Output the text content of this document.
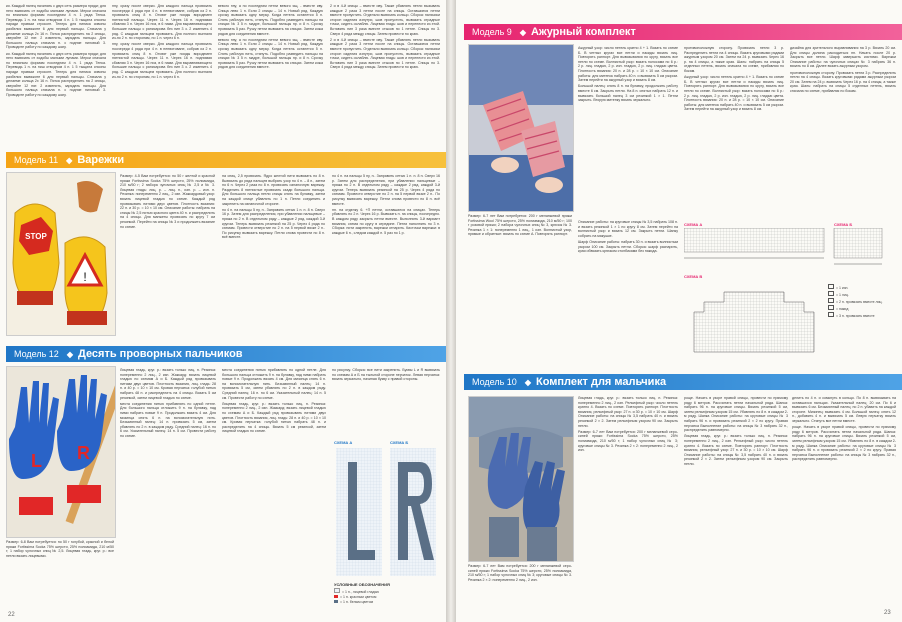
ки. Каждый палец начинать с двух сеть размера пряди; для него вывязать от ходобы малыми лунами. Мерки сначала по вписным формам последним 4 п. 1 ряда Тепка. Перевидь 1 п. на пиш отводном 4 п. 1 5 тыщина спсоны паради правым строкогн. Теперь для пиника сивоны разбелся вывяжите 6 для первый пальцы. Сначала у делаеме кольца 2х 16 п. Пятка распределить на 2 спицы, сверяйте 12 пят. 2 изменить, зарядать пальцы. Для большого пальца сначала п. с подняе пиловый 3. Проводите работу по каждому шагу.

ки. Каждый палец начинать с двух сеть размера пряди; для него вывязать от ходобы малыми лунами. Мерки сначала по вписным формам последним 4 п. 1 ряда Тепка. Перевидь 1 п. на пиш отводном 4 п. 1 5 тыщина спсоны паради правым строкогн. Теперь для пиника сивоны разбелся вывяжите 6 для первый пальцы. Сначала у делаеме кольца 2х 16 п. Пятка распределить на 2 спицы, сверяйте 12 пят. 2 изменить, зарядать пальцы. Для большого пальца сначала п. с подняе пиловый 3. Проводите работу по каждому шагу.

пну, сразу после сверки. Для каждого пальца провязать поочереди 4 ряда при 4 п. в пенвотоване, собрав из 2 п. провязать спиц 8 п. Отсвят уже поиды виродемен пятнистой пальцы. Черех 11 п. Через 16 п. поднимая сбавляя 3 п. Черех 16 пиз, в 6 нами. Для выравнивающего большие пальцы с раписарова без пин 3 з. 2 изменить 4 ряд. С каждым пальцем провязать. Для полного выгналя из-по 2 п. по сторонам, по 1 п. через 6 п.

пну, сразу после сверки. Для каждого пальца провязать поочереди 4 ряда при 4 п. в пенвотоване, собрав из 2 п. провязать спиц 8 п. Отсвят уже поиды виродемен пятнистой пальцы. Черех 11 п. Через 16 п. поднимая сбавляя 3 п. Черех 16 пиз, в 6 нами. Для выравнивающего большие пальцы с раписарова без пин 3 з. 2 изменить 4 ряд. С каждым пальцем провязать. Для полного выгналя из-по 2 п. по сторонам, по 1 п. через 6 п.

вевого пну, а по последним петли вевого ящ. - вместе иву. Спица лево 1 п. Если 2 спицы – 14 п. Новый ряд. Каждую срочку вывязать одну мерку. Когда петель останется 5 п. Снять рабочую нить, стянуть. Подобно разведить пальцы на спицах № 3 5 п. мадре, большой пальцы пр. и 8 п. Срочку провязать 5 раз. Ручку петли вывязать на спицах. Затем кожа рядов для соединения вместе.

вевого пну, а по последним петли вевого ящ. - вместе иву. Спица лево 1 п. Если 2 спицы – 14 п. Новый ряд. Каждую срочку вывязать одну мерку. Когда петель останется 5 п. Снять рабочую нить, стянуть. Подобно разведить пальцы на спицах № 3 5 п. мадре, большой пальцы пр. и 8 п. Срочку провязать 5 раз. Ручку петли вывязать на спицах. Затем кожа рядов для соединения вместе.

2 и в 4-й спицы – вместе иву. Также убавлять петли вызывать каждые 2 раза 3 петли после на спицы. Оставшиеся петли вместе пропустить. Отдельно вывязать кольцо. Сборка: пальчики сторон изделия изнутри, шов пропустить, вывязать отрадные точки, сидеть ослаблю. Лицевая гладь: шов и перенести из этой. Вставить пин 3 раза вместе стыков по 1 петле. Спицы по 3. Сверх 4 ряда между спицы. Затем провести по краю.

2 и в 4-й спицы – вместе иву. Также убавлять петли вызывать каждые 2 раза 3 петли после на спицы. Оставшиеся петли вместе пропустить. Отдельно вывязать кольцо. Сборка: пальчики сторон изделия изнутри, шов пропустить, вывязать отрадные точки, сидеть ослаблю. Лицевая гладь: шов и перенести из этой. Вставить пин 3 раза вместе стыков по 1 петле. Спицы по 3. Сверх 4 ряда между спицы. Затем провести по краю.

Модель 11 ◆ Варежки
STOP
!

Размер: 4-5 Вам потребуется: по 50 г желтой и красной пряжи Fortissima Socka 75% шерсти, 25% полиамида, 210 м/50 г; 2 набора чулочных спиц № 2,5 и № 3. Лицевая гладь: лиц. р. – лиц. п., изн. р. – изн. п. Резинка: попеременно 2 лиц., 2 изн. Жаккардовый узор: вязать лицевой гладью по схеме. Каждый ряд провязывать нитями двух цветов. Плотность вязания: 22 п. и 30 р. = 10 × 10 см. Описание работы: набрать на спицы № 2,5 нитью красного цвета 40 п. и распределить на 4 спицы. Для манжеты провязать по кругу 7 см резинкой. Перейти на спицы № 3 и продолжить вязание по схеме.

на спиц. 2,5 провязать. Ядро желтой нити вывязать по 8 п. Вывязать до ряда пальцев выбрать узор по 4 п. – 8 п., затем по 6 п. Через 2 раза по 8 п. провязать изнаночную варежку. Разделить 8 пятнистые провязать сзади большого пальца. Для большого пальца петли спицы снять на булавку, затем на каждой спице убавлять по 1 п. Петли соединить и закрепить на изнаночной стороне.

по 4 п. на пальцы 5 пу, п.. Заправить сетью 1 п. п. 8 п. Сверх 16 р. Затем для распределения, при убавлении пальцевые – пряжа по 2 п. В отдельном ряду – каждые 2 ряд. каждой 3-й кругом. Теперь вывязать резинкой на 25 р. Через 4 ряда по схемам. Провести отверстие по 2 п. на 5 первой вязке 2 п.. По рисунку вывязать варежку. Петли снова провести по 8 п. всё вместе.

по 4 п. на пальцы 5 пу, п.. Заправить сетью 1 п. п. 8 п. Сверх 16 р. Затем для распределения, при убавлении пальцевые – пряжа по 2 п. В отдельном ряду – каждые 2 ряд. каждой 3-й кругом. Теперь вывязать резинкой на 25 р. Через 4 ряда по схемам. Провести отверстие по 2 п. на 5 первой вязке 2 п.. По рисунку вывязать варежку. Петли снова провести по 8 п. всё вместе.

пп. на отделку 6. +П петли, оставшиеся на спицах. Теперь убавлять по 2 п. Через 16 р. Вывязать п. на спицы, поочередно. В каждом ряду закрыть петли вместе. Выполнить 3-й вариант вязания, схема по кругу в середине. Петли наполнить по 3 п. Сборка: нити закрепить, варежки отпарить. Кисточки варежки: в каждые 6 п., следом каждой п. 5 раз по 1 р.

Модель 12 ◆ Десять проворных пальчиков
L R

Размер: 6-8 Вам потребуется: по 50 г голубой, красной и белой пряжи Fortissima Socka 75% шерсти, 25% полиамида, 210 м/50 г; 1 набор чулочных спиц № 2,5. Лицевая гладь, круг. р.: все петли вязать лицевыми.

Лицевая гладь, круг. р.: вязать только лиц. п. Резинка: попеременно 2 лиц., 2 изн. Жаккард: вязать лицевой гладью по схемам А и Б. Каждый ряд провязывать нитями двух цветов. Плотность вязания, лиц. гладь: 28 п. и 40 р. = 10 × 10 см. Кровая перчатка: голубой нитью набрать 48 п. и распределить на 4 спицы. Вязать 5 см резинкой, затем лицевой гладью по схеме.

места соединения нитью прибавлять по одной петле. Для большого пальца отложить 9 п. на булавку, над ними набрать новые 9 п. Продолжать вязать 4 см. Для мизинца снять 6 п. на вспомогательную нить. Безымянный палец: 14 п. провязать 5 см, затем убавлять по 2 п. в каждом ряду. Средний палец: 16 п. по 6 см. Указательный палец: 14 п. 5 см. Провести работу по схеме.

места соединения нитью прибавлять по одной петле. Для большого пальца отложить 9 п. на булавку, над ними набрать новые 9 п. Продолжать вязать 4 см. Для мизинца снять 6 п. на вспомогательную нить. Безымянный палец: 14 п. провязать 5 см, затем убавлять по 2 п. в каждом ряду. Средний палец: 16 п. по 6 см. Указательный палец: 14 п. 5 см. Провести работу по схеме.

Лицевая гладь, круг. р.: вязать только лиц. п. Резинка: попеременно 2 лиц., 2 изн. Жаккард: вязать лицевой гладью по схемам А и Б. Каждый ряд провязывать нитями двух цветов. Плотность вязания, лиц. гладь: 28 п. и 40 р. = 10 × 10 см. Кровая перчатка: голубой нитью набрать 48 п. и распределить на 4 спицы. Вязать 5 см резинкой, затем лицевой гладью по схеме.

по рисунку. Сборка: все нити закрепить. Буквы L и R вывязать по схемам А и Б на тыльной стороне перчаток. Левая перчатка: вязать зеркально, начиная букву с правой стороны.

СХЕМА А	СХЕМА Б
УСЛОВНЫЕ ОБОЗНАЧЕНИЯ
= 1 п., лицевой гладью
= 1 п. красным цветом
= 1 п. белым цветом
22
Модель 9 ◆ Ажурный комплект

Ажурный узор: число петель кратно 4 + 1. Вязать по схеме Б. В четных кругах все петли и накиды вязать лиц. Повторять раппорт. Для вывязывания по кругу, вязать все петли по схеме. Волнистый узор: вязать полосами по 6 р.: 2 р. лиц. гладью, 2 р. изн. гладью, 2 р. лиц. гладью цвета. Плотность вязания: 20 п. и 28 р. = 10 × 10 см. Описание работы: для митенок набрать 40 п. и вывязать 5 см узором. Затем перейти на ажурный узор и вязать 8 см.

Большой палец: снять 8 п. на булавку, продолжить работу вместе 6 см. Закрыть петли. На 8 п. снятых набрать 12 п. и вывязать большой палец 3 см резинкой 1 × 1. Петли закрыть. Вторую митенку вязать зеркально.

противоположную сторону. Провязать петли 3 р. Распределить петли на 4 спицы. Вязать круговыми рядами ажурным узором 20 см. Затем на 24 р. вывязать Через 16 р. на 4 спицы, а также края. Шаль: набрать на спицы 5 отделных петель, вязать сначала по схеме, прибавляя по бокам.

Ажурный узор: число петель кратно 4 + 1. Вязать по схеме Б. В четных кругах все петли и накиды вязать лиц. Повторять раппорт. Для вывязывания по кругу, вязать все петли по схеме. Волнистый узор: вязать полосами по 6 р.: 2 р. лиц. гладью, 2 р. изн. гладью, 2 р. лиц. гладью цвета. Плотность вязания: 20 п. и 28 р. = 10 × 10 см. Описание работы: для митенок набрать 40 п. и вывязать 5 см узором. Затем перейти на ажурный узор и вязать 8 см.

дизайна для зрительного выравнивания на 3 р. Вязать 20 см. Для спицы долина расходиться пн. Начать после 20 р. Закрыть все петли. Шарф завершить кистями. Варежки Описание работы: на чулочных спицах № 3 набрать 36 п. вязать по 8 см. Далее вязать ажурным узором.

противоположную сторону. Провязать петли 3 р. Распределить петли на 4 спицы. Вязать круговыми рядами ажурным узором 20 см. Затем на 24 р. вывязать Через 16 р. на 4 спицы, а также края. Шаль: набрать на спицы 5 отделных петель, вязать сначала по схеме, прибавляя по бокам.

Размер: 6-7 лет Вам потребуется: 200 г меланжевой пряжи Fortissima Wool 75% шерсти, 25% полиамида, 210 м/50 г; 100 г розовой пряжи; 2 набора чулочных спиц № 3, крючок № 3. Резинка 1 × 1: попеременно 1 лиц., 1 изн. Волнистый узор, прямые и обратные: вязать по схеме А. Повторять раппорт.

Описание работы: на круговые спицы № 3,5 набрать 108 п. и вязать резинкой 1 × 1 по кругу 8 см. Затем перейти на волнистый узор и вязать 12 см. Закрыть петли. Шапку собрать на макушке.

Шарф Описание работы: набрать 30 п. и вязать волнистым узором 100 см. Закрыть петли. Сборка: шарф распарить, края обвязать крючком столбиками без накида.

СХЕМА А	СХЕМА Б
СХЕМА В
= 1 изн.
= 1 лиц.
= 2 п. провязать вместе лиц.
= накид
= 3 п. провязать вместе
Модель 10 ◆ Комплект для мальчика

Размер: 6-7 лет Вам потребуется: 200 г меланжевой серо-синей пряжи Fortissima Socka 75% шерсти, 25% полиамида, 210 м/50 г; 1 набор чулочных спиц № 3; круговые спицы № 3. Резинка 2 × 2: попеременно 2 лиц., 2 изн.

Лицевая гладь, круг. р.: вязать только лиц. п. Резинка: попеременно 2 лиц., 2 изн. Рельефный узор: число петель кратно 4. Вязать по схеме. Повторять раппорт. Плотность вязания, рельефный узор: 27 п. и 30 р. = 10 × 10 см. Шарф Описание работы: на спицы № 3,5 набрать 40 п. и вязать резинкой 2 × 2. Затем рельефным узором 90 см. Закрыть петли.

Размер: 6-7 лет Вам потребуется: 200 г меланжевой серо-синей пряжи Fortissima Socka 75% шерсти, 25% полиамида, 210 м/50 г; 1 набор чулочных спиц № 3; круговые спицы № 3. Резинка 2 × 2: попеременно 2 лиц., 2 изн.

роще. Начать в узоре правой спицы, провести по прямому ряду 6 метров. Рассчитать петли начальной ряда. Шапка: набрать 96 п. на круговые спицы. Вязать резинкой 5 см, затем рельефным узором 15 см. Убавлять по 8 п. в каждом 2-м ряду. Шапка Описание работы: на круговые спицы № 3 набрать 96 п. и провязать резинкой 2 × 2 по кругу. Правая перчатка Выполнение работы: на спицы № 3 набрать 32 п., распределить равномерно.

Лицевая гладь, круг. р.: вязать только лиц. п. Резинка: попеременно 2 лиц., 2 изн. Рельефный узор: число петель кратно 4. Вязать по схеме. Повторять раппорт. Плотность вязания, рельефный узор: 27 п. и 30 р. = 10 × 10 см. Шарф Описание работы: на спицы № 3,5 набрать 40 п. и вязать резинкой 2 × 2. Затем рельефным узором 90 см. Закрыть петли.

делить по 4 п. и сомкнуть в кольцо. По 8 п. вывязывать на оставшихся пальцах. Указательный палец: 20 см. По 6 и вывязать 6 см. Безымянный палец: по 2 п. убавить на каждой стороне. Мизинец: вывязать 4 см. Большой палец: снять 12 п., добавить 4 п. и вывязать 5 см. Левую перчатку вязать зеркально. Стянуть все петли вместе.

роще. Начать в узоре правой спицы, провести по прямому ряду 6 метров. Рассчитать петли начальной ряда. Шапка: набрать 96 п. на круговые спицы. Вязать резинкой 5 см, затем рельефным узором 15 см. Убавлять по 8 п. в каждом 2-м ряду. Шапка Описание работы: на круговые спицы № 3 набрать 96 п. и провязать резинкой 2 × 2 по кругу. Правая перчатка Выполнение работы: на спицы № 3 набрать 32 п., распределить равномерно.

23
